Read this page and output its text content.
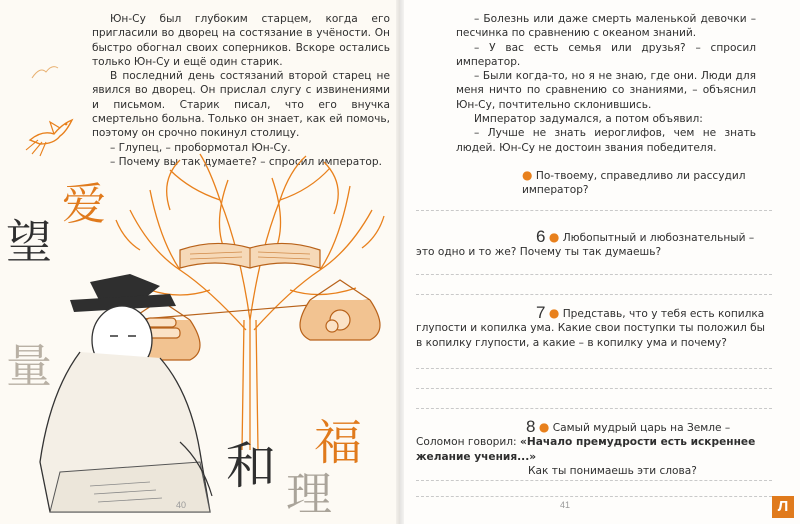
Юн-Су был глубоким старцем, когда его пригласили во дворец на состязание в учёности. Он быстро обогнал своих соперников. Вскоре остались только Юн-Су и ещё один старик.

В последний день состязаний второй старец не явился во дворец. Он прислал слугу с извинениями и письмом. Старик писал, что его внучка смертельно больна. Только он знает, как ей помочь, поэтому он срочно покинул столицу.

– Глупец, – пробормотал Юн-Су.

– Почему вы так думаете? – спросил император.

爱
望
量
和 福
理
40

– Болезнь или даже смерть маленькой девочки – песчинка по сравнению с океаном знаний.

– У вас есть семья или друзья? – спросил император.

– Были когда-то, но я не знаю, где они. Люди для меня ничто по сравнению со знаниями, – объяснил Юн-Су, почтительно склонившись.

Император задумался, а потом объявил:

– Лучше не знать иероглифов, чем не знать людей. Юн-Су не достоин звания победителя.

● По-твоему, справедливо ли рассудил император?
6 ● Любопытный и любознательный – это одно и то же? Почему ты так думаешь?
7 ● Представь, что у тебя есть копилка глупости и копилка ума. Какие свои поступки ты положил бы в копилку глупости, а какие – в копилку ума и почему?
8 ● Самый мудрый царь на Земле – Соломон говорил: «Начало премудрости есть искреннее желание учения...»
Как ты понимаешь эти слова?
41	Л
